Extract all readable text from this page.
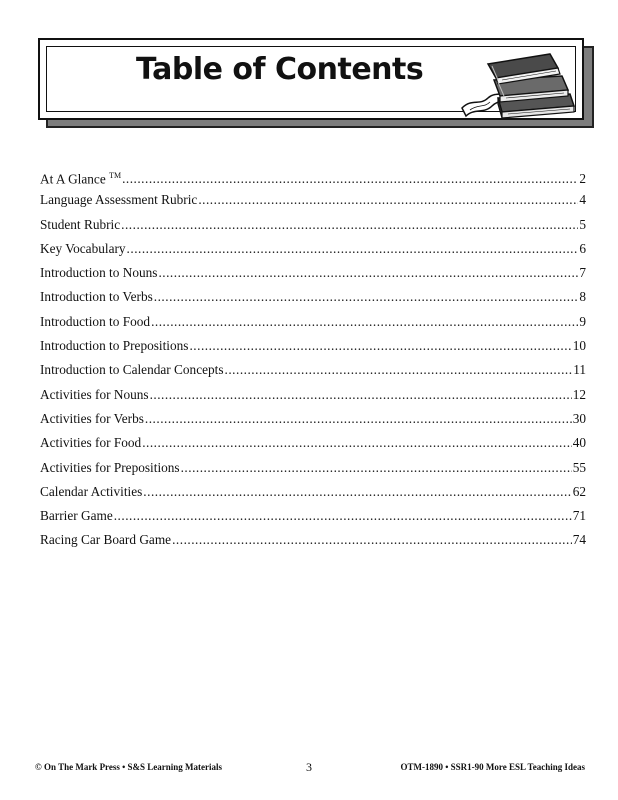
Table of Contents
At A Glance ™ .....	2
Language Assessment Rubric .....	4
Student Rubric .....	5
Key Vocabulary .....	6
Introduction to Nouns .....	7
Introduction to Verbs .....	8
Introduction to Food .....	9
Introduction to Prepositions .....	10
Introduction to Calendar Concepts .....	11
Activities for Nouns .....	12
Activities for Verbs .....	30
Activities for Food .....	40
Activities for Prepositions .....	55
Calendar Activities .....	62
Barrier Game .....	71
Racing Car Board Game .....	74
© On The Mark Press • S&S Learning Materials	3	OTM-1890 • SSR1-90 More ESL Teaching Ideas
